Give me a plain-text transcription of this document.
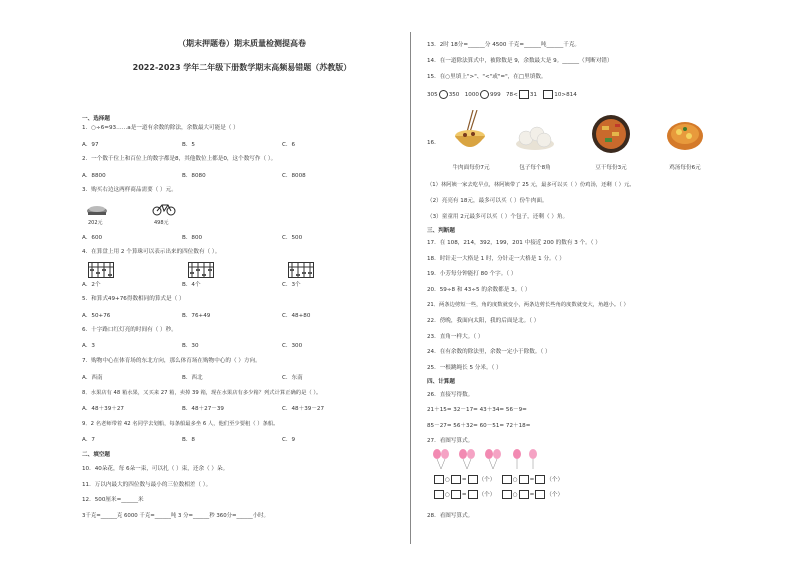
（期末押题卷）期末质量检测提高卷
2022-2023 学年二年级下册数学期末高频易错题（苏教版）
一、选择题
1．○÷6=93……a是一道有余数的除法，余数最大可能是（ ）
A．97	B．5	C．6
2．一个数千位上和百位上的数字都是8，其他数位上都是0，这个数写作（ ）。
A．8800	B．8080	C．8008
3．购买右边这两样商品需要（ ）元。
202元	498元
A．600	B．800	C．500
4．在算盘上用 2 个算珠可以表示出来的四位数有（ ）。
A．2个	B．4个	C．3个
5．和算式49+76得数相同的算式是（ ）
A．50+76	B．76+49	C．48+80
6．十字路口红灯亮的时间有（ ）秒。
A．3	B．30	C．300
7．购物中心在体育场的东北方向，那么体育场在购物中心的（ ）方向。
A．西南	B．西北	C．东南
8．水果店有 48 箱水果，又买来 27 箱，卖掉 39 箱，现在水果店有多少箱？列式计算正确的是（ ）。
A．48＋39＋27	B．48＋27－39	C．48＋39－27
9．2 名老师带着 42 名同学去划船，每条船最多坐 6 人，他们至少要租（ ）条船。
A．7	B．8	C．9
二、填空题
10．40朵花，每 6朵一束，可以扎（ ）束，还余（ ）朵。
11．万以内最大的四位数与最小的三位数相差（ ）。
12．500厘米=______米
3千克=______克 6000 千克=______吨 3 分=______秒 360分=______小时。
13．2时 18分=______分 4500 千克=______吨______千克。
14．在一道除法算式中，被除数是 9，余数最大是 9。______（判断对错）
15．在○里填上">"、"<"或"="，在□里填数。
305 350 1000 999 78< 31	10>814
16．
牛肉面每份7元	包子每个8角	豆干每份3元	鸡汤每份6元
（1）林阿姨一家去吃早点，林阿姨带了 25 元，最多可以买（ ）份鸡汤，还剩（ ）元。
（2）亮亮有 18元，最多可以买（ ）份牛肉面。
（3）童童用 2元最多可以买（ ）个包子，还剩（ ）角。
三、判断题
17．在 108，214，392，199，201 中接近 200 的数有 3 个。（ ）
18．时针走一大格是 1 时，分针走一大格是 1 分。（ ）
19．小芳每分钟能打 80 个字。（ ）
20．59÷8 和 43÷5 的余数都是 3。（ ）
21．两条边剪短一些，角的度数就变小，两条边剪长些角的度数就变大，角越小。（ ）
22．傍晚，我面向太阳，我的后面是北。（ ）
23．直角一样大。（ ）
24．在有余数的除法里，余数一定小于除数。（ ）
25．一根跳绳长 5 分米。（ ）
四、计算题
26．直接写得数。
21＋15= 32－17= 43＋34= 56－9=
85－27= 56＋32= 60－51= 72＋18=
27．看图写算式。
○ = （个）	○ = （个）
○ = （个）	○ = （个）
28．看图写算式。
